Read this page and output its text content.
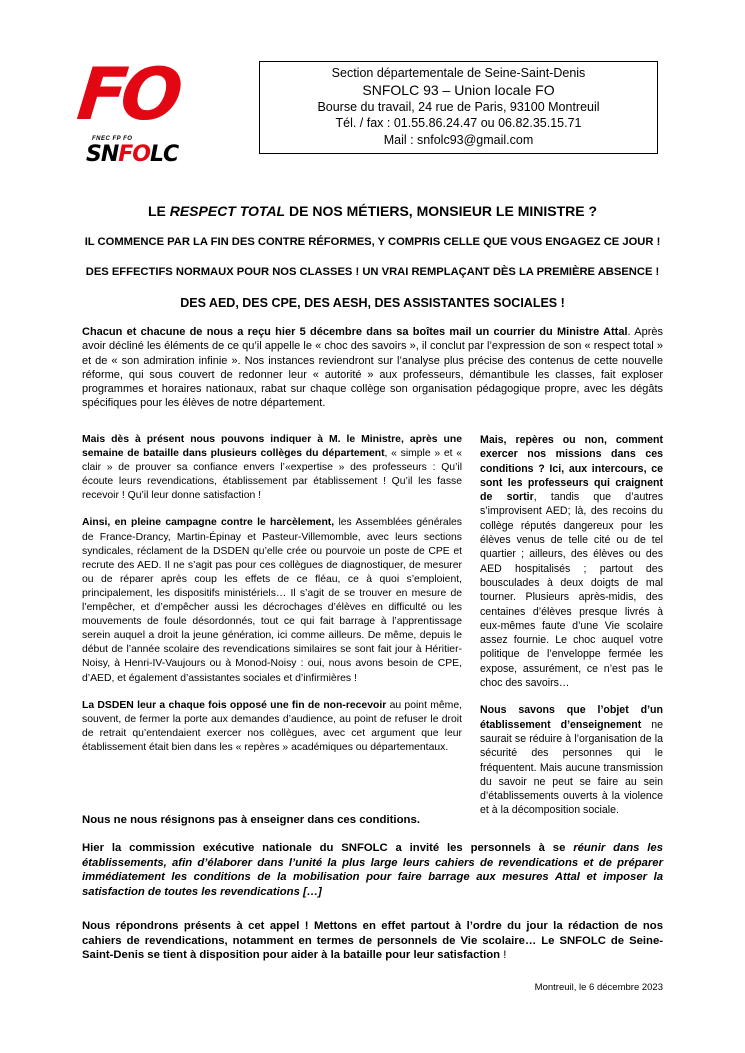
FO
FNEC FP FO
SNFOLC
Section départementale de Seine-Saint-Denis
SNFOLC 93 – Union locale FO
Bourse du travail, 24 rue de Paris, 93100 Montreuil
Tél. / fax : 01.55.86.24.47 ou 06.82.35.15.71
Mail : snfolc93@gmail.com
LE RESPECT TOTAL DE NOS MÉTIERS, MONSIEUR LE MINISTRE ?
IL COMMENCE PAR LA FIN DES CONTRE RÉFORMES, Y COMPRIS CELLE QUE VOUS ENGAGEZ CE JOUR !
DES EFFECTIFS NORMAUX POUR NOS CLASSES ! UN VRAI REMPLAÇANT DÈS LA PREMIÈRE ABSENCE !
DES AED, DES CPE, DES AESH, DES ASSISTANTES SOCIALES !
Chacun et chacune de nous a reçu hier 5 décembre dans sa boîtes mail un courrier du Ministre Attal. Après avoir décliné les éléments de ce qu’il appelle le « choc des savoirs », il conclut par l’expression de son « respect total » et de « son admiration infinie ». Nos instances reviendront sur l’analyse plus précise des contenus de cette nouvelle réforme, qui sous couvert de redonner leur « autorité » aux professeurs, démantibule les classes, fait exploser programmes et horaires nationaux, rabat sur chaque collège son organisation pédagogique propre, avec les dégâts spécifiques pour les élèves de notre département.
Mais dès à présent nous pouvons indiquer à M. le Ministre, après une semaine de bataille dans plusieurs collèges du département, « simple » et « clair » de prouver sa confiance envers l’«expertise » des professeurs : Qu’il écoute leurs revendications, établissement par établissement ! Qu’il les fasse recevoir ! Qu’il leur donne satisfaction !
Ainsi, en pleine campagne contre le harcèlement, les Assemblées générales de France-Drancy, Martin-Épinay et Pasteur-Villemomble, avec leurs sections syndicales, réclament de la DSDEN qu’elle crée ou pourvoie un poste de CPE et recrute des AED. Il ne s’agit pas pour ces collègues de diagnostiquer, de mesurer ou de réparer après coup les effets de ce fléau, ce à quoi s’emploient, principalement, les dispositifs ministériels… Il s’agit de se trouver en mesure de l’empêcher, et d’empêcher aussi les décrochages d’élèves en difficulté ou les mouvements de foule désordonnés, tout ce qui fait barrage à l’apprentissage serein auquel a droit la jeune génération, ici comme ailleurs. De même, depuis le début de l’année scolaire des revendications similaires se sont fait jour à Héritier-Noisy, à Henri-IV-Vaujours ou à Monod-Noisy : oui, nous avons besoin de CPE, d’AED, et également d’assistantes sociales et d’infirmières !
La DSDEN leur a chaque fois opposé une fin de non-recevoir au point même, souvent, de fermer la porte aux demandes d’audience, au point de refuser le droit de retrait qu’entendaient exercer nos collègues, avec cet argument que leur établissement était bien dans les « repères » académiques ou départementaux.
Mais, repères ou non, comment exercer nos missions dans ces conditions ? Ici, aux intercours, ce sont les professeurs qui craignent de sortir, tandis que d’autres s’improvisent AED; là, des recoins du collège réputés dangereux pour les élèves venus de telle cité ou de tel quartier ; ailleurs, des élèves ou des AED hospitalisés ; partout des bousculades à deux doigts de mal tourner. Plusieurs après-midis, des centaines d’élèves presque livrés à eux-mêmes faute d’une Vie scolaire assez fournie. Le choc auquel votre politique de l’enveloppe fermée les expose, assurément, ce n’est pas le choc des savoirs…
Nous savons que l’objet d’un établissement d’enseignement ne saurait se réduire à l’organisation de la sécurité des personnes qui le fréquentent. Mais aucune transmission du savoir ne peut se faire au sein d’établissements ouverts à la violence et à la décomposition sociale.
Nous ne nous résignons pas à enseigner dans ces conditions.
Hier la commission exécutive nationale du SNFOLC a invité les personnels à se réunir dans les établissements, afin d’élaborer dans l’unité la plus large leurs cahiers de revendications et de préparer immédiatement les conditions de la mobilisation pour faire barrage aux mesures Attal et imposer la satisfaction de toutes les revendications […]
Nous répondrons présents à cet appel ! Mettons en effet partout à l’ordre du jour la rédaction de nos cahiers de revendications, notamment en termes de personnels de Vie scolaire… Le SNFOLC de Seine-Saint-Denis se tient à disposition pour aider à la bataille pour leur satisfaction !
Montreuil, le 6 décembre 2023
